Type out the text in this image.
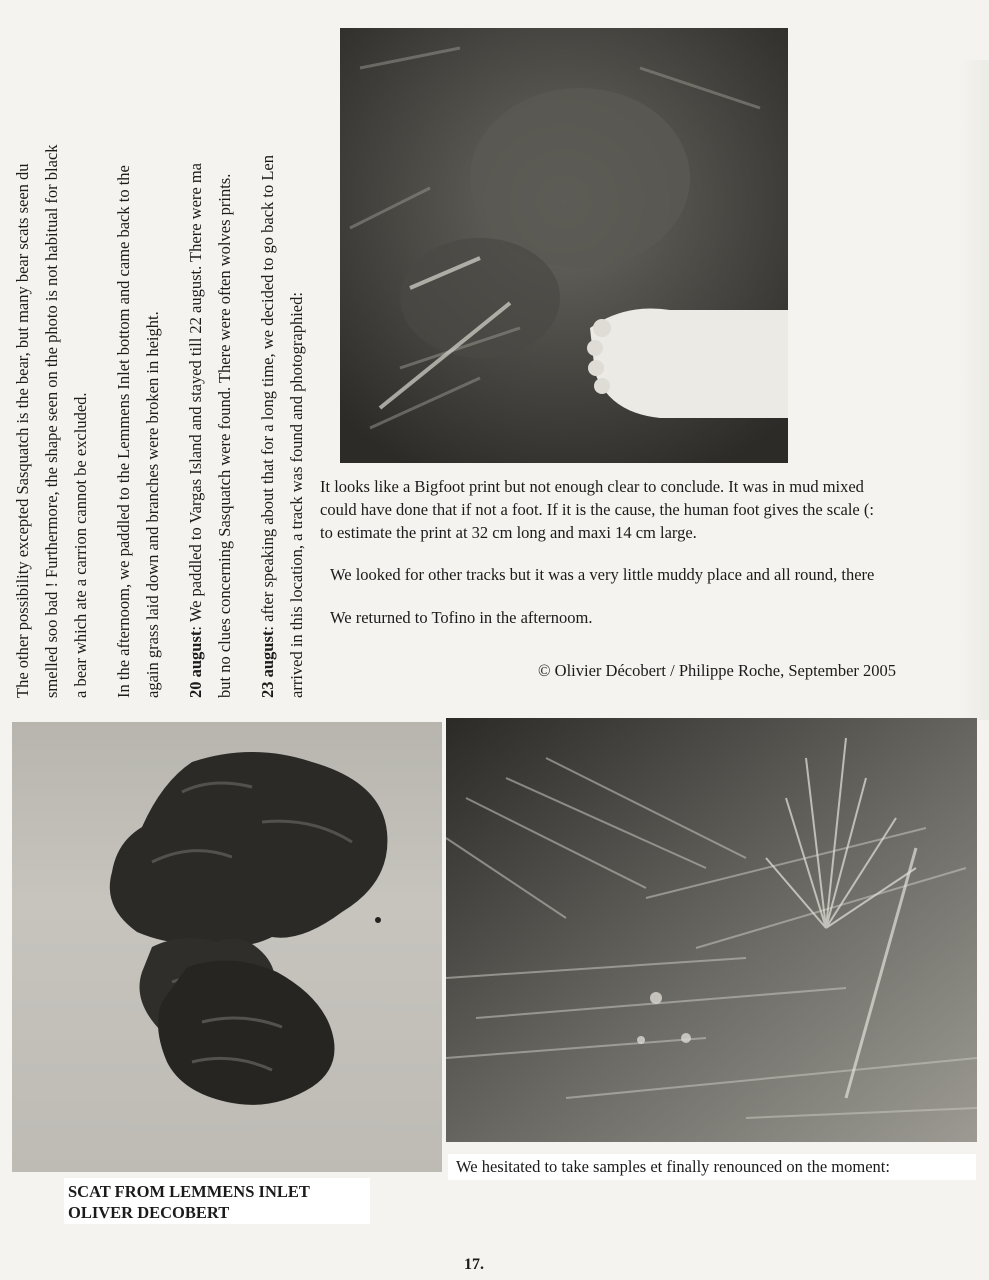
The other possibility excepted Sasquatch is the bear, but many bear scats seen du smelled soo bad ! Furthermore, the shape seen on the photo is not habitual for black a bear which ate a carrion cannot be excluded.	In the afternoom, we paddled to the Lemmens Inlet bottom and came back to the again grass laid down and branches were broken in height.	20 august: We paddled to Vargas Island and stayed till 22 august. There were ma but no clues concerning Sasquatch were found. There were often wolves prints.	23 august: after speaking about that for a long time, we decided to go back to Len arrived in this location, a track was found and photographied: It looks like a Bigfoot print but not enough clear to conclude. It was in mud mixed

could have done that if not a foot. If it is the cause, the human foot gives the scale (:

to estimate the print at 32 cm long and maxi 14 cm large.

We looked for other tracks but it was a very little muddy place and all round, there
We returned to Tofino in the afternoom.
© Olivier Décobert / Philippe Roche, September 2005

SCAT FROM LEMMENS INLET

OLIVER DECOBERT

We hesitated to take samples et finally renounced on the moment:
17.
